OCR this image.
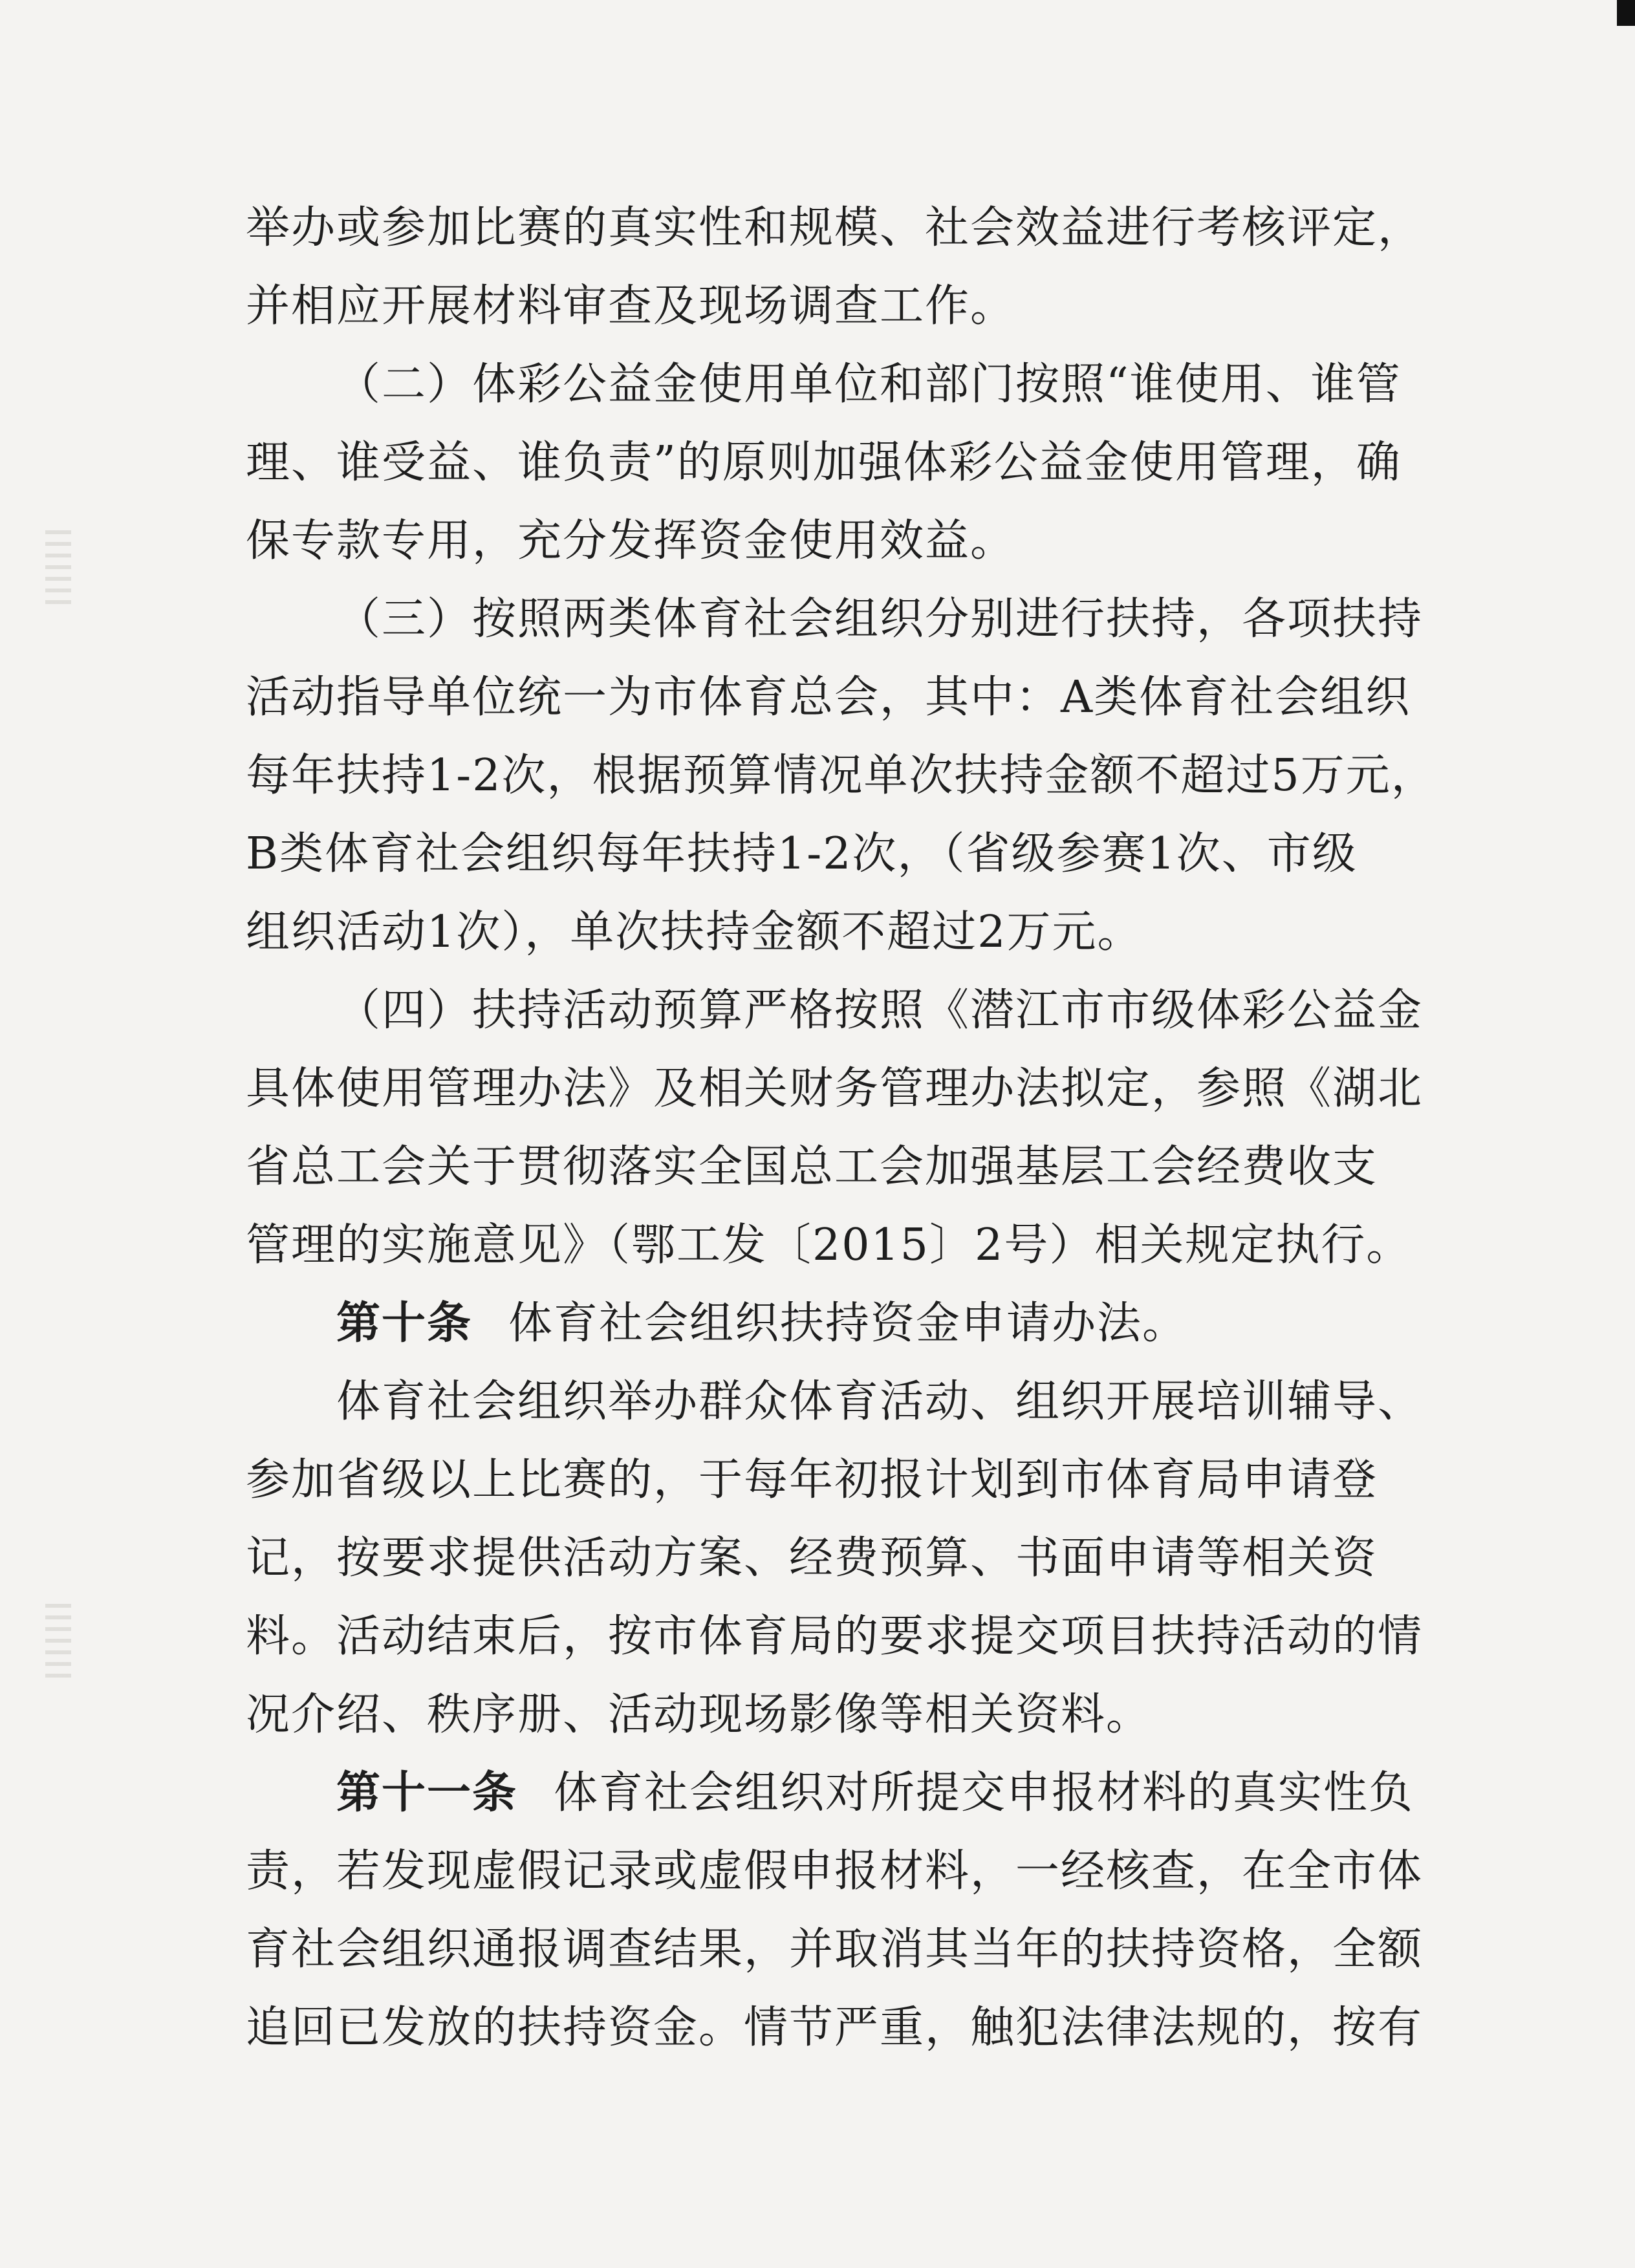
举办或参加比赛的真实性和规模、社会效益进行考核评定，
并相应开展材料审查及现场调查工作。
（二）体彩公益金使用单位和部门按照“谁使用、谁管
理、谁受益、谁负责”的原则加强体彩公益金使用管理，确
保专款专用，充分发挥资金使用效益。
（三）按照两类体育社会组织分别进行扶持，各项扶持
活动指导单位统一为市体育总会，其中：A类体育社会组织
每年扶持1-2次，根据预算情况单次扶持金额不超过5万元，
B类体育社会组织每年扶持1-2次，（省级参赛1次、市级
组织活动1次），单次扶持金额不超过2万元。
（四）扶持活动预算严格按照《潜江市市级体彩公益金
具体使用管理办法》及相关财务管理办法拟定，参照《湖北
省总工会关于贯彻落实全国总工会加强基层工会经费收支
管理的实施意见》（鄂工发〔2015〕2号）相关规定执行。
第十条 体育社会组织扶持资金申请办法。
体育社会组织举办群众体育活动、组织开展培训辅导、
参加省级以上比赛的，于每年初报计划到市体育局申请登
记，按要求提供活动方案、经费预算、书面申请等相关资
料。活动结束后，按市体育局的要求提交项目扶持活动的情
况介绍、秩序册、活动现场影像等相关资料。
第十一条 体育社会组织对所提交申报材料的真实性负
责，若发现虚假记录或虚假申报材料，一经核查，在全市体
育社会组织通报调查结果，并取消其当年的扶持资格，全额
追回已发放的扶持资金。情节严重，触犯法律法规的，按有
